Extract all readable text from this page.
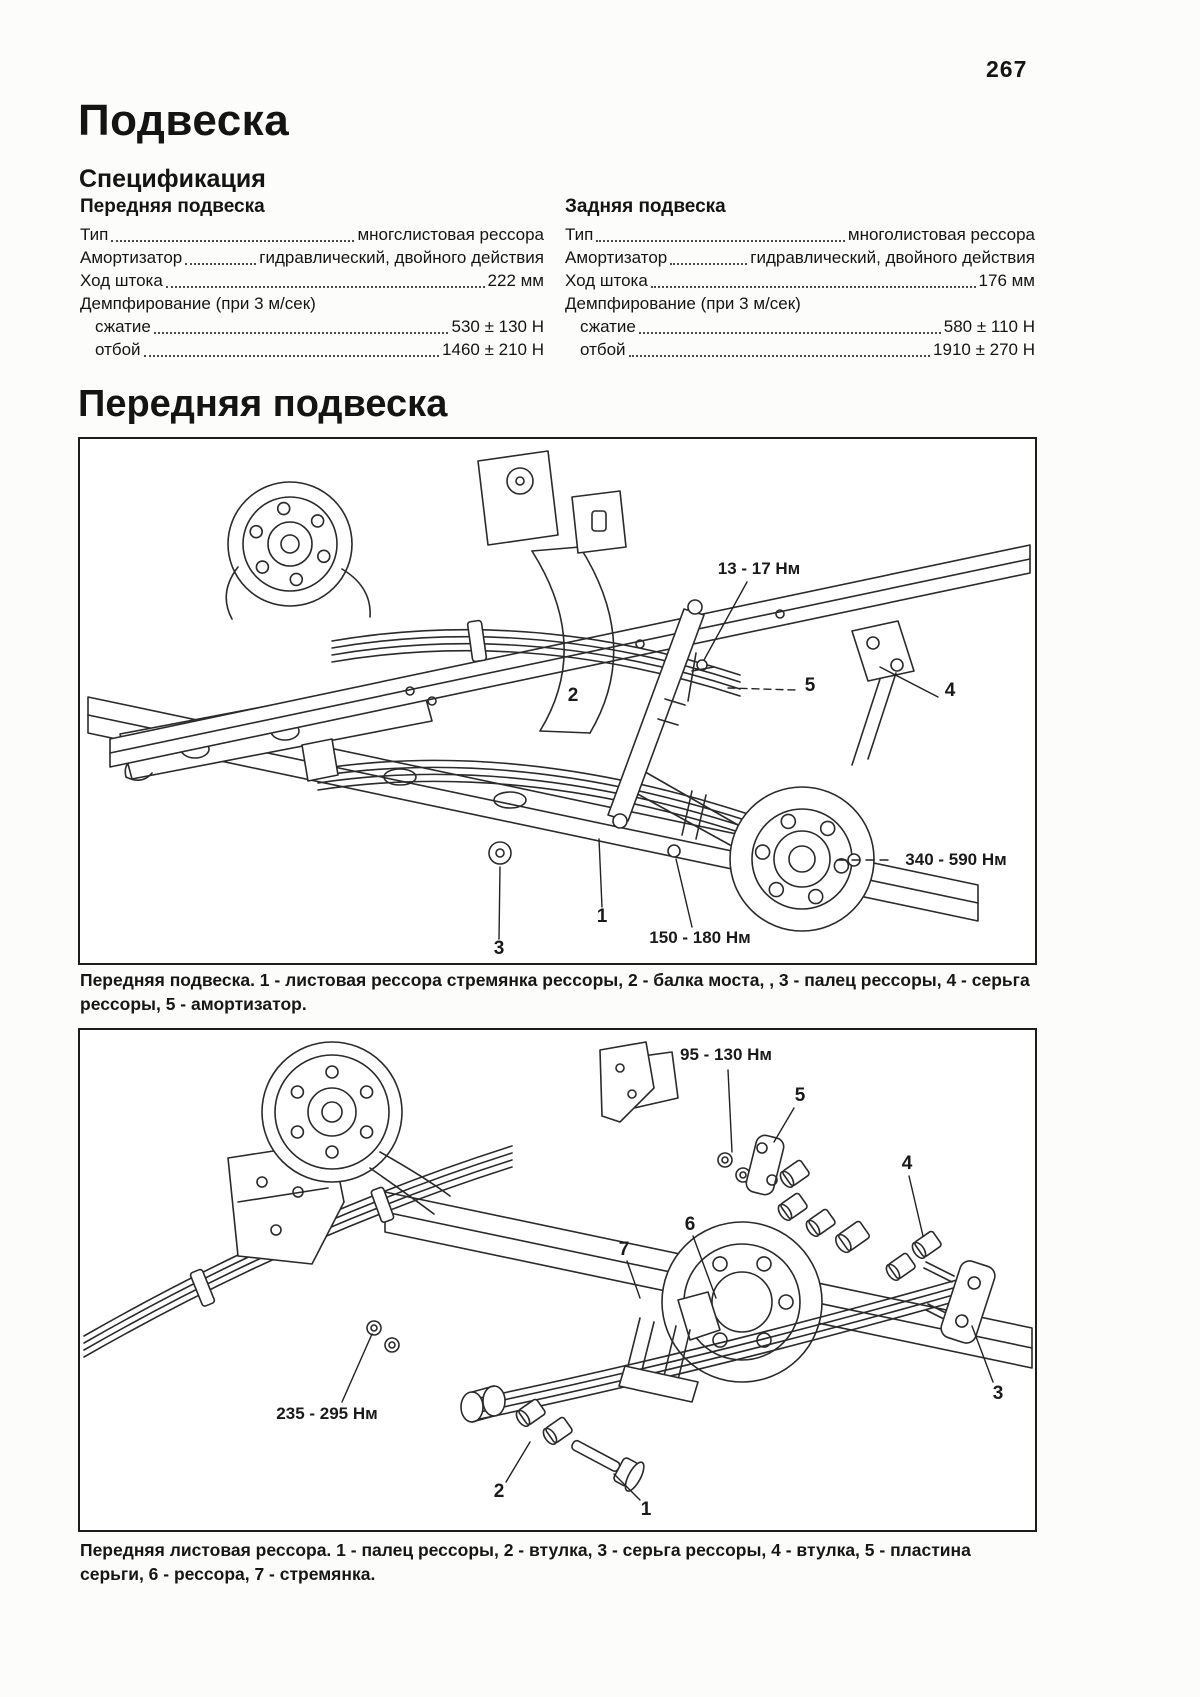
267
Подвеска
Спецификация
Передняя подвеска
Тип	многслистовая рессора
Амортизатор	гидравлический, двойного действия
Ход штока	222 мм
Демпфирование (при 3 м/сек)
сжатие	530 ± 130 Н
отбой	1460 ± 210 Н
Задняя подвеска
Тип	многолистовая рессора
Амортизатор	гидравлический, двойного действия
Ход штока	176 мм
Демпфирование (при 3 м/сек)
сжатие	580 ± 110 Н
отбой	1910 ± 270 Н
Передняя подвеска
13 - 17 Нм
5	4
2
340 - 590 Нм
1
3
150 - 180 Нм
Передняя подвеска. 1 - листовая рессора стремянка рессоры, 2 - балка моста, , 3 - палец рессоры, 4 - серьга рессоры, 5 - амортизатор.
95 - 130 Нм
5
4
6
7
3
235 - 295 Нм
2
1
Передняя листовая рессора. 1 - палец рессоры, 2 - втулка, 3 - серьга рессоры, 4 - втулка, 5 - пластина серьги, 6 - рессора, 7 - стремянка.
